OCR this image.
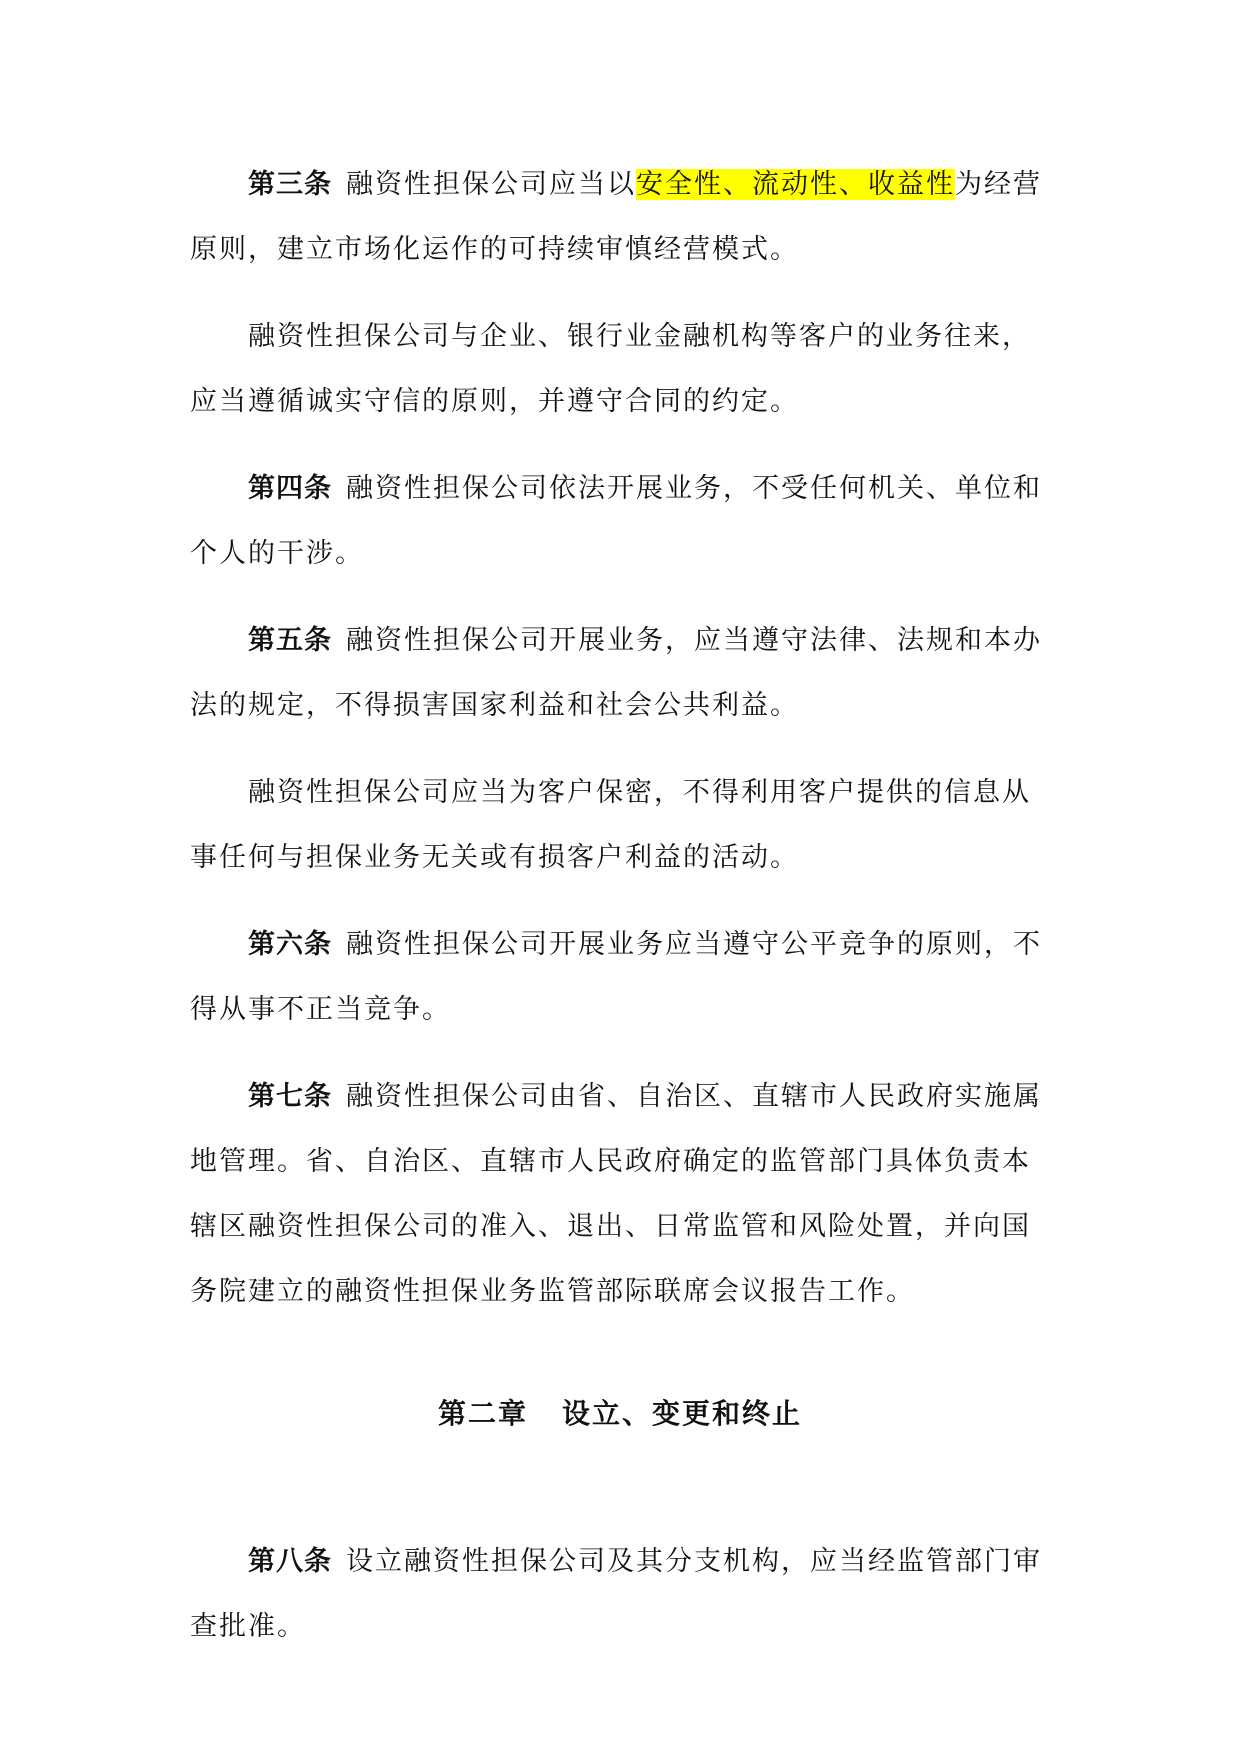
第三条 融资性担保公司应当以安全性、流动性、收益性为经营原则，建立市场化运作的可持续审慎经营模式。

融资性担保公司与企业、银行业金融机构等客户的业务往来，应当遵循诚实守信的原则，并遵守合同的约定。

第四条 融资性担保公司依法开展业务，不受任何机关、单位和个人的干涉。

第五条 融资性担保公司开展业务，应当遵守法律、法规和本办法的规定，不得损害国家利益和社会公共利益。

融资性担保公司应当为客户保密，不得利用客户提供的信息从事任何与担保业务无关或有损客户利益的活动。

第六条 融资性担保公司开展业务应当遵守公平竞争的原则，不得从事不正当竞争。

第七条 融资性担保公司由省、自治区、直辖市人民政府实施属地管理。省、自治区、直辖市人民政府确定的监管部门具体负责本辖区融资性担保公司的准入、退出、日常监管和风险处置，并向国务院建立的融资性担保业务监管部际联席会议报告工作。

第二章 设立、变更和终止

第八条 设立融资性担保公司及其分支机构，应当经监管部门审查批准。
